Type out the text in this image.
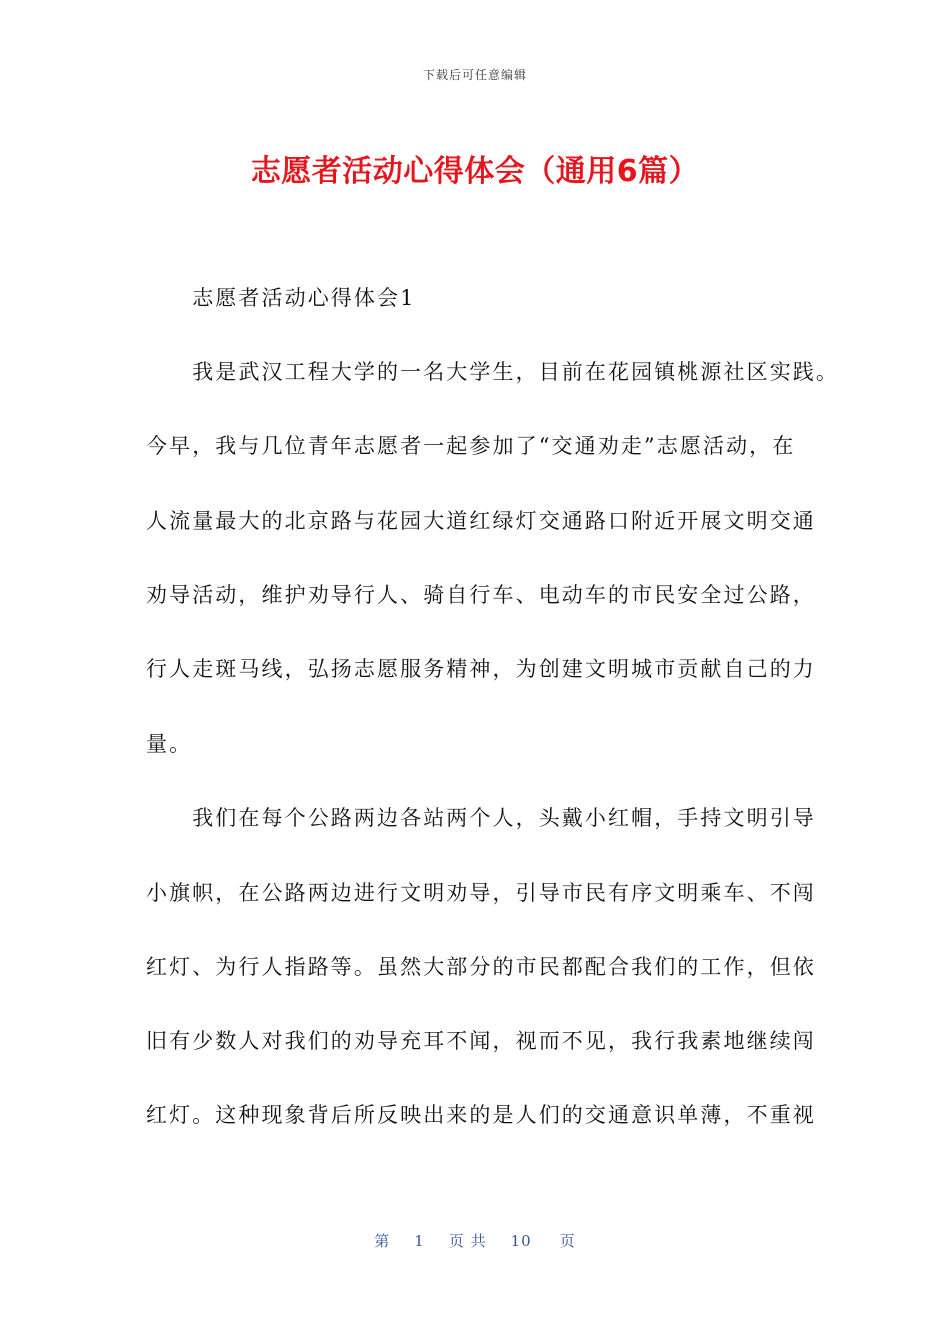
下载后可任意编辑
志愿者活动心得体会（通用6篇）
　　志愿者活动心得体会1
　　我是武汉工程大学的一名大学生，目前在花园镇桃源社区实践。
今早，我与几位青年志愿者一起参加了“交通劝走”志愿活动，在
人流量最大的北京路与花园大道红绿灯交通路口附近开展文明交通
劝导活动，维护劝导行人、骑自行车、电动车的市民安全过公路，
行人走斑马线，弘扬志愿服务精神，为创建文明城市贡献自己的力
量。
　　我们在每个公路两边各站两个人，头戴小红帽，手持文明引导
小旗帜，在公路两边进行文明劝导，引导市民有序文明乘车、不闯
红灯、为行人指路等。虽然大部分的市民都配合我们的工作，但依
旧有少数人对我们的劝导充耳不闻，视而不见，我行我素地继续闯
红灯。这种现象背后所反映出来的是人们的交通意识单薄，不重视
第 1 页 共 10 页
